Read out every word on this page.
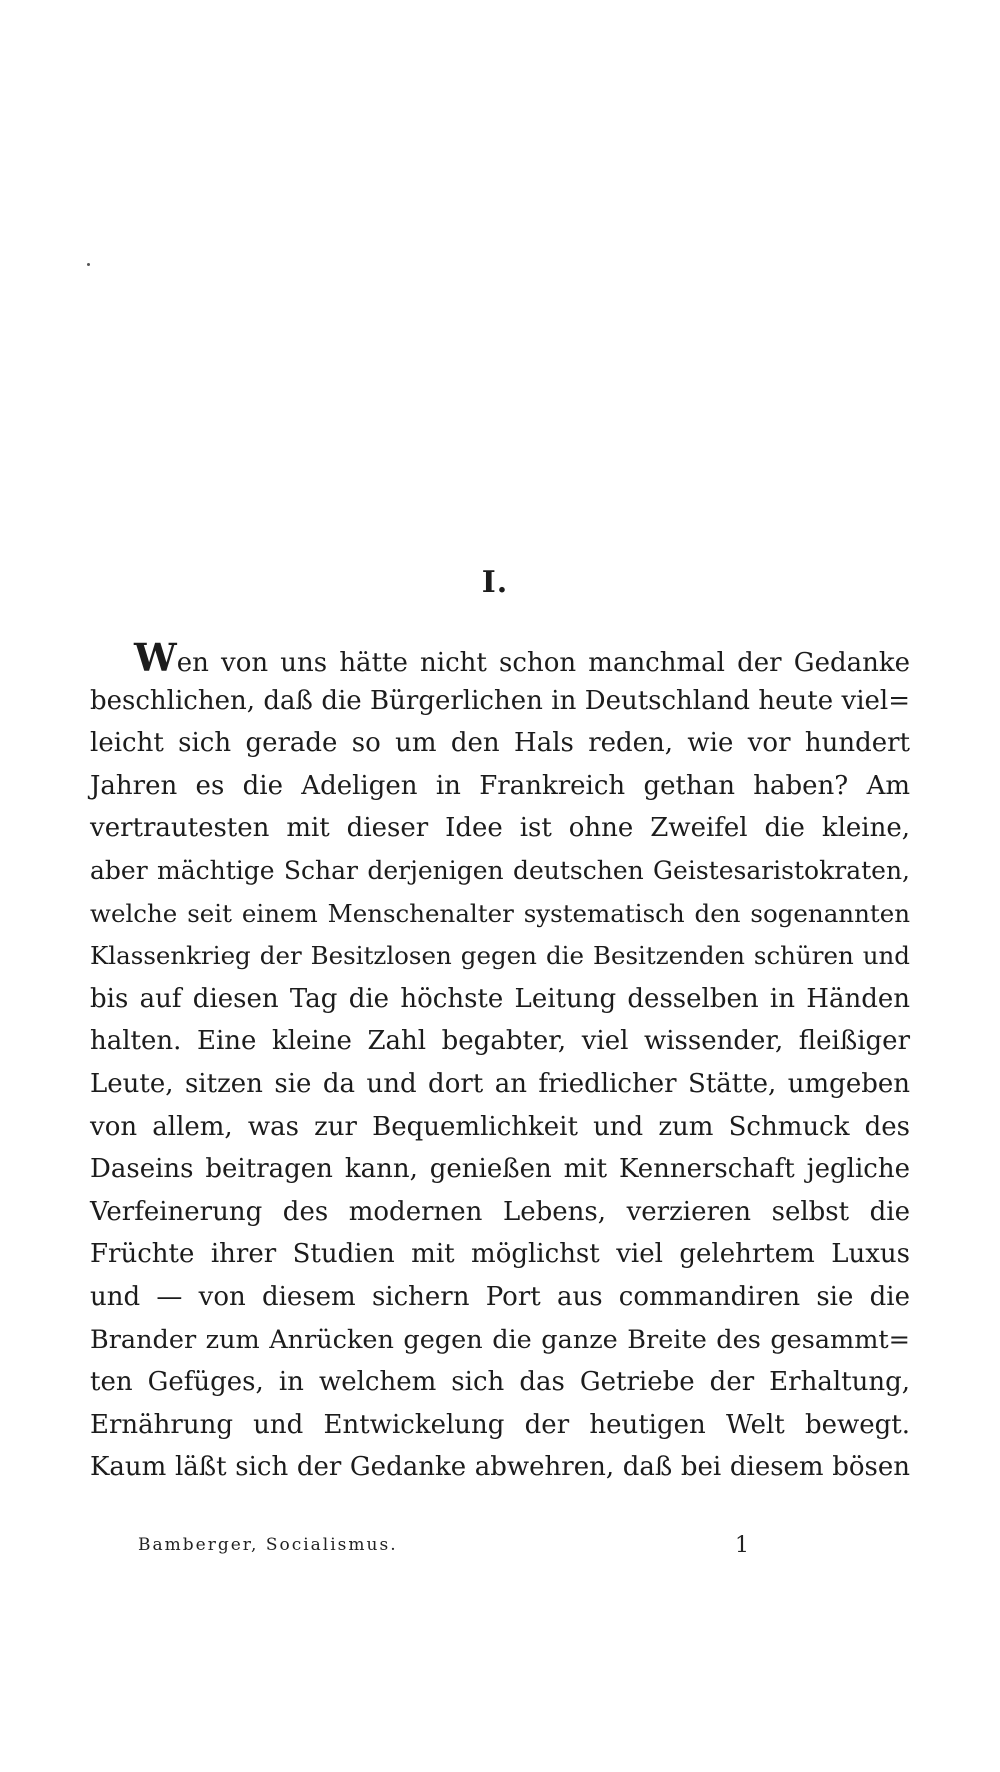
I.
Wen von uns hätte nicht schon manchmal der Gedanke
beschlichen, daß die Bürgerlichen in Deutschland heute viel=
leicht sich gerade so um den Hals reden, wie vor hundert
Jahren es die Adeligen in Frankreich gethan haben? Am
vertrautesten mit dieser Idee ist ohne Zweifel die kleine,
aber mächtige Schar derjenigen deutschen Geistesaristokraten,
welche seit einem Menschenalter systematisch den sogenannten
Klassenkrieg der Besitzlosen gegen die Besitzenden schüren und
bis auf diesen Tag die höchste Leitung desselben in Händen
halten. Eine kleine Zahl begabter, viel wissender, fleißiger
Leute, sitzen sie da und dort an friedlicher Stätte, umgeben
von allem, was zur Bequemlichkeit und zum Schmuck des
Daseins beitragen kann, genießen mit Kennerschaft jegliche
Verfeinerung des modernen Lebens, verzieren selbst die
Früchte ihrer Studien mit möglichst viel gelehrtem Luxus
und — von diesem sichern Port aus commandiren sie die
Brander zum Anrücken gegen die ganze Breite des gesammt=
ten Gefüges, in welchem sich das Getriebe der Erhaltung,
Ernährung und Entwickelung der heutigen Welt bewegt.
Kaum läßt sich der Gedanke abwehren, daß bei diesem bösen
Bamberger, Socialismus.	1
